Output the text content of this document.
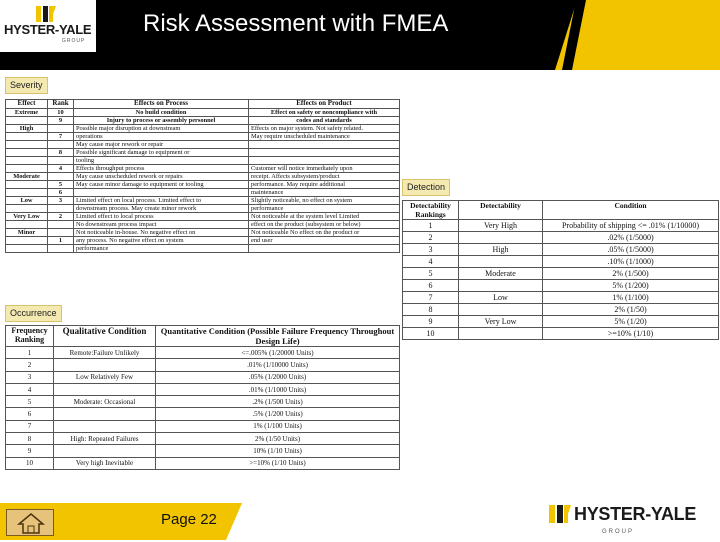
HYSTER-YALE
GROUP
Risk Assessment with FMEA
Severity
Detection
Occurrence
Effect	Rank	Effects on Process	Effects on Product
Extreme	10	No build condition	Effect on safety or noncompliance with
	9	Injury to process or assembly personnel	codes and standards
High		Possible major disruption at downstream	Effects on major system. Not safety related.
	7	operations	May require unscheduled maintenance
		May cause major rework or repair	
	8	Possible significant damage to equipment or	
		tooling	
	4	Effects throughput process	Customer will notice immediately upon
Moderate		May cause unscheduled rework or repairs	receipt. Affects subsystem/product
	5	May cause minor damage to equipment or tooling	performance. May require additional
	6		maintenance
Low	3	Limited effect on local process. Limited effect to	Slightly noticeable, no effect on system
		downstream process. May create minor rework	performance
Very Low	2	Limited effect to local process	Not noticeable at the system level Limited
		No downstream process impact	effect on the product (subsystem or below)
Minor		Not noticeable in-house. No negative effect on	Not noticeable No effect on the product or
	1	any process. No negative effect on system	end user
		performance	
Detectability Rankings	Detectability	Condition
1	Very High	Probability of shipping <= .01% (1/10000)
2		.02% (1/5000)
3	High	.05% (1/5000)
4		.10% (1/1000)
5	Moderate	2% (1/500)
6		5% (1/200)
7	Low	1% (1/100)
8		2% (1/50)
9	Very Low	5% (1/20)
10		>=10% (1/10)
Frequency Ranking	Qualitative Condition	Quantitative Condition (Possible Failure Frequency Throughout Design Life)
1	Remote:Failure Unlikely	<=.005% (1/20000 Units)
2		.01% (1/10000 Units)
3	Low Relatively Few	.05% (1/2000 Units)
4		.01% (1/1000 Units)
5	Moderate: Occasional	.2% (1/500 Units)
6		.5% (1/200 Units)
7		1% (1/100 Units)
8	High: Repeated Failures	2% (1/50 Units)
9		10% (1/10 Units)
10	Very high Inevitable	>=10% (1/10 Units)
Page 22	HYSTER-YALE
GROUP
